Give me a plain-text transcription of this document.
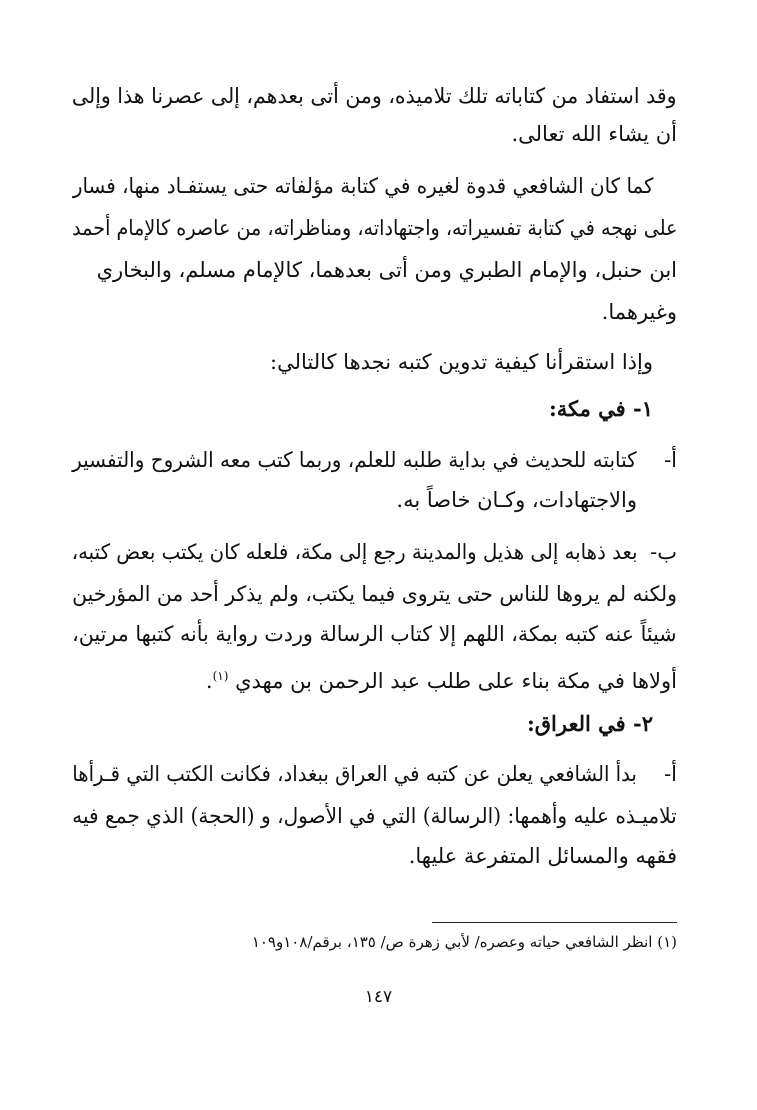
وقد استفاد من كتاباته تلك تلاميذه، ومن أتى بعدهم، إلى عصرنا هذا وإلى
أن يشاء الله تعالى.
كما كان الشافعي قدوة لغيره في كتابة مؤلفاته حتى يستفـاد منها، فسار
على نهجه في كتابة تفسيراته، واجتهاداته، ومناظراته، من عاصره كالإمام أحمد
ابن حنبل، والإمام الطبري ومن أتى بعدهما، كالإمام مسلم، والبخاري
وغيرهما.
وإذا استقرأنا كيفية تدوين كتبه نجدها كالتالي:
١- في مكة:
أ-
كتابته للحديث في بداية طلبه للعلم، وربما كتب معه الشروح والتفسير
والاجتهادات، وكـان خاصاً به.
ب-
بعد ذهابه إلى هذيل والمدينة رجع إلى مكة، فلعله كان يكتب بعض كتبه،
ولكنه لم يروها للناس حتى يتروى فيما يكتب، ولم يذكر أحد من المؤرخين
شيئاً عنه كتبه بمكة، اللهم إلا كتاب الرسالة وردت رواية بأنه كتبها مرتين،
أولاها في مكة بناء على طلب عبد الرحمن بن مهدي $^{(١)}$.
٢- في العراق:
أ-
بدأ الشافعي يعلن عن كتبه في العراق ببغداد، فكانت الكتب التي قـرأها
تلاميـذه عليه وأهمها: (الرسالة) التي في الأصول، و (الحجة) الذي جمع فيه
فقهه والمسائل المتفرعة عليها.
(١) انظر الشافعي حياته وعصره/ لأبي زهرة ص/ ١٣٥، برقم/١٠٨و١٠٩
١٤٧
